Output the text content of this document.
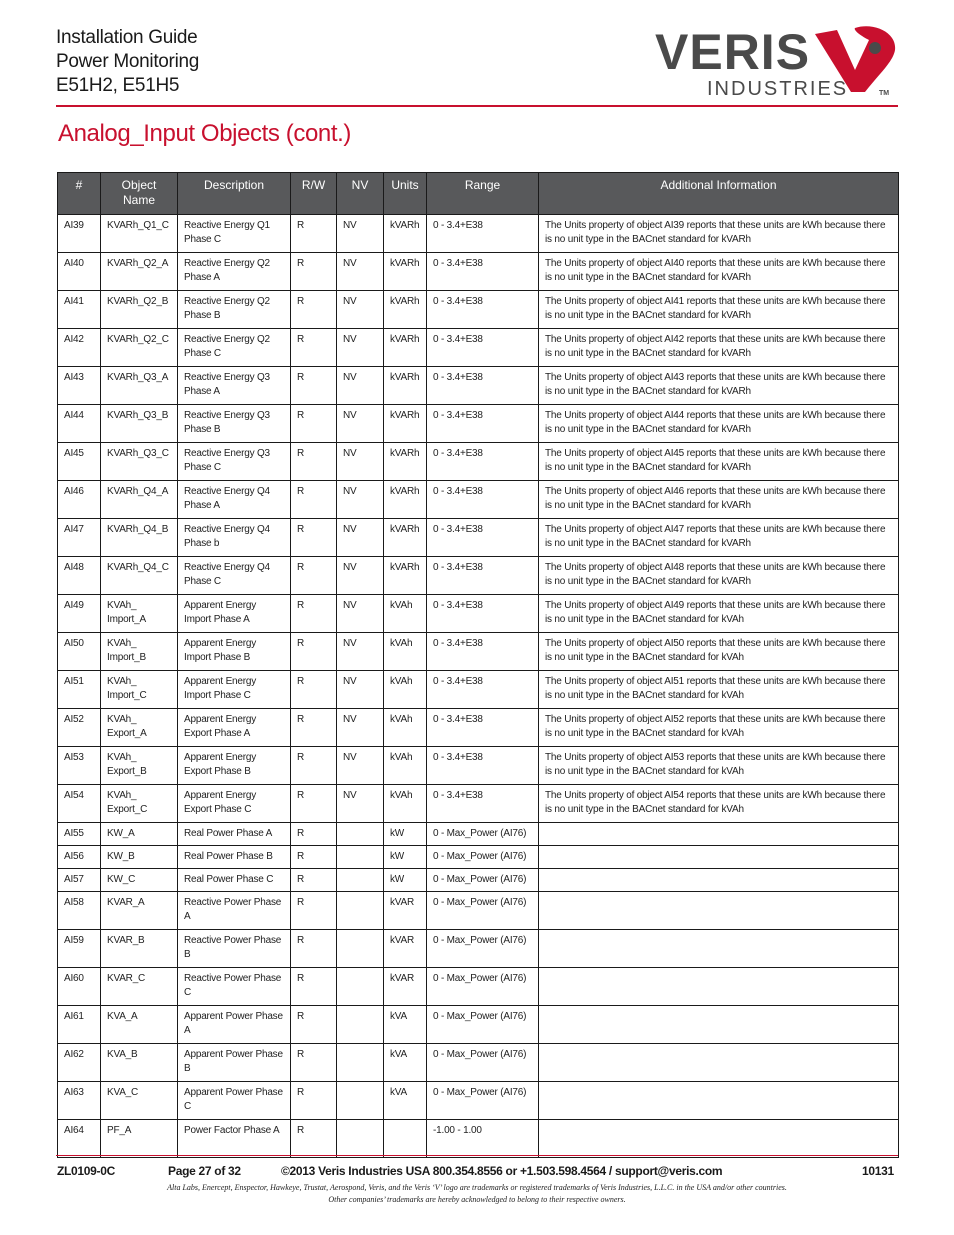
Installation Guide
Power Monitoring
E51H2, E51H5
VERIS
INDUSTRIES	TM
Analog_Input Objects (cont.)
#	Object Name	Description	R/W	NV	Units	Range	Additional Information
AI39	KVARh_Q1_C	Reactive Energy Q1 Phase C	R	NV	kVARh	0 - 3.4+E38	The Units property of object AI39 reports that these units are kWh because there is no unit type in the BACnet standard for kVARh
AI40	KVARh_Q2_A	Reactive Energy Q2 Phase A	R	NV	kVARh	0 - 3.4+E38	The Units property of object AI40 reports that these units are kWh because there is no unit type in the BACnet standard for kVARh
AI41	KVARh_Q2_B	Reactive Energy Q2 Phase B	R	NV	kVARh	0 - 3.4+E38	The Units property of object AI41 reports that these units are kWh because there is no unit type in the BACnet standard for kVARh
AI42	KVARh_Q2_C	Reactive Energy Q2 Phase C	R	NV	kVARh	0 - 3.4+E38	The Units property of object AI42 reports that these units are kWh because there is no unit type in the BACnet standard for kVARh
AI43	KVARh_Q3_A	Reactive Energy Q3 Phase A	R	NV	kVARh	0 - 3.4+E38	The Units property of object AI43 reports that these units are kWh because there is no unit type in the BACnet standard for kVARh
AI44	KVARh_Q3_B	Reactive Energy Q3 Phase B	R	NV	kVARh	0 - 3.4+E38	The Units property of object AI44 reports that these units are kWh because there is no unit type in the BACnet standard for kVARh
AI45	KVARh_Q3_C	Reactive Energy Q3 Phase C	R	NV	kVARh	0 - 3.4+E38	The Units property of object AI45 reports that these units are kWh because there is no unit type in the BACnet standard for kVARh
AI46	KVARh_Q4_A	Reactive Energy Q4 Phase A	R	NV	kVARh	0 - 3.4+E38	The Units property of object AI46 reports that these units are kWh because there is no unit type in the BACnet standard for kVARh
AI47	KVARh_Q4_B	Reactive Energy Q4 Phase b	R	NV	kVARh	0 - 3.4+E38	The Units property of object AI47 reports that these units are kWh because there is no unit type in the BACnet standard for kVARh
AI48	KVARh_Q4_C	Reactive Energy Q4 Phase C	R	NV	kVARh	0 - 3.4+E38	The Units property of object AI48 reports that these units are kWh because there is no unit type in the BACnet standard for kVARh
AI49	KVAh_ Import_A	Apparent Energy Import Phase A	R	NV	kVAh	0 - 3.4+E38	The Units property of object AI49 reports that these units are kWh because there is no unit type in the BACnet standard for kVAh
AI50	KVAh_ Import_B	Apparent Energy Import Phase B	R	NV	kVAh	0 - 3.4+E38	The Units property of object AI50 reports that these units are kWh because there is no unit type in the BACnet standard for kVAh
AI51	KVAh_ Import_C	Apparent Energy Import Phase C	R	NV	kVAh	0 - 3.4+E38	The Units property of object AI51 reports that these units are kWh because there is no unit type in the BACnet standard for kVAh
AI52	KVAh_ Export_A	Apparent Energy Export Phase A	R	NV	kVAh	0 - 3.4+E38	The Units property of object AI52 reports that these units are kWh because there is no unit type in the BACnet standard for kVAh
AI53	KVAh_ Export_B	Apparent Energy Export Phase B	R	NV	kVAh	0 - 3.4+E38	The Units property of object AI53 reports that these units are kWh because there is no unit type in the BACnet standard for kVAh
AI54	KVAh_ Export_C	Apparent Energy Export Phase C	R	NV	kVAh	0 - 3.4+E38	The Units property of object AI54 reports that these units are kWh because there is no unit type in the BACnet standard for kVAh
AI55	KW_A	Real Power Phase A	R		kW	0 - Max_Power (AI76)	
AI56	KW_B	Real Power Phase B	R		kW	0 - Max_Power (AI76)	
AI57	KW_C	Real Power Phase C	R		kW	0 - Max_Power (AI76)	
AI58	KVAR_A	Reactive Power Phase A	R		kVAR	0 - Max_Power (AI76)	
AI59	KVAR_B	Reactive Power Phase B	R		kVAR	0 - Max_Power (AI76)	
AI60	KVAR_C	Reactive Power Phase C	R		kVAR	0 - Max_Power (AI76)	
AI61	KVA_A	Apparent Power Phase A	R		kVA	0 - Max_Power (AI76)	
AI62	KVA_B	Apparent Power Phase B	R		kVA	0 - Max_Power (AI76)	
AI63	KVA_C	Apparent Power Phase C	R		kVA	0 - Max_Power (AI76)	
AI64	PF_A	Power Factor Phase A	R			-1.00 - 1.00	
ZL0109-0C	Page 27 of 32	©2013 Veris Industries USA 800.354.8556 or +1.503.598.4564 / support@veris.com	10131
Alta Labs, Enercept, Enspector, Hawkeye, Trustat, Aerospond, Veris, and the Veris ‘V’ logo are trademarks or registered trademarks of Veris Industries, L.L.C. in the USA and/or other countries.
Other companies’ trademarks are hereby acknowledged to belong to their respective owners.
